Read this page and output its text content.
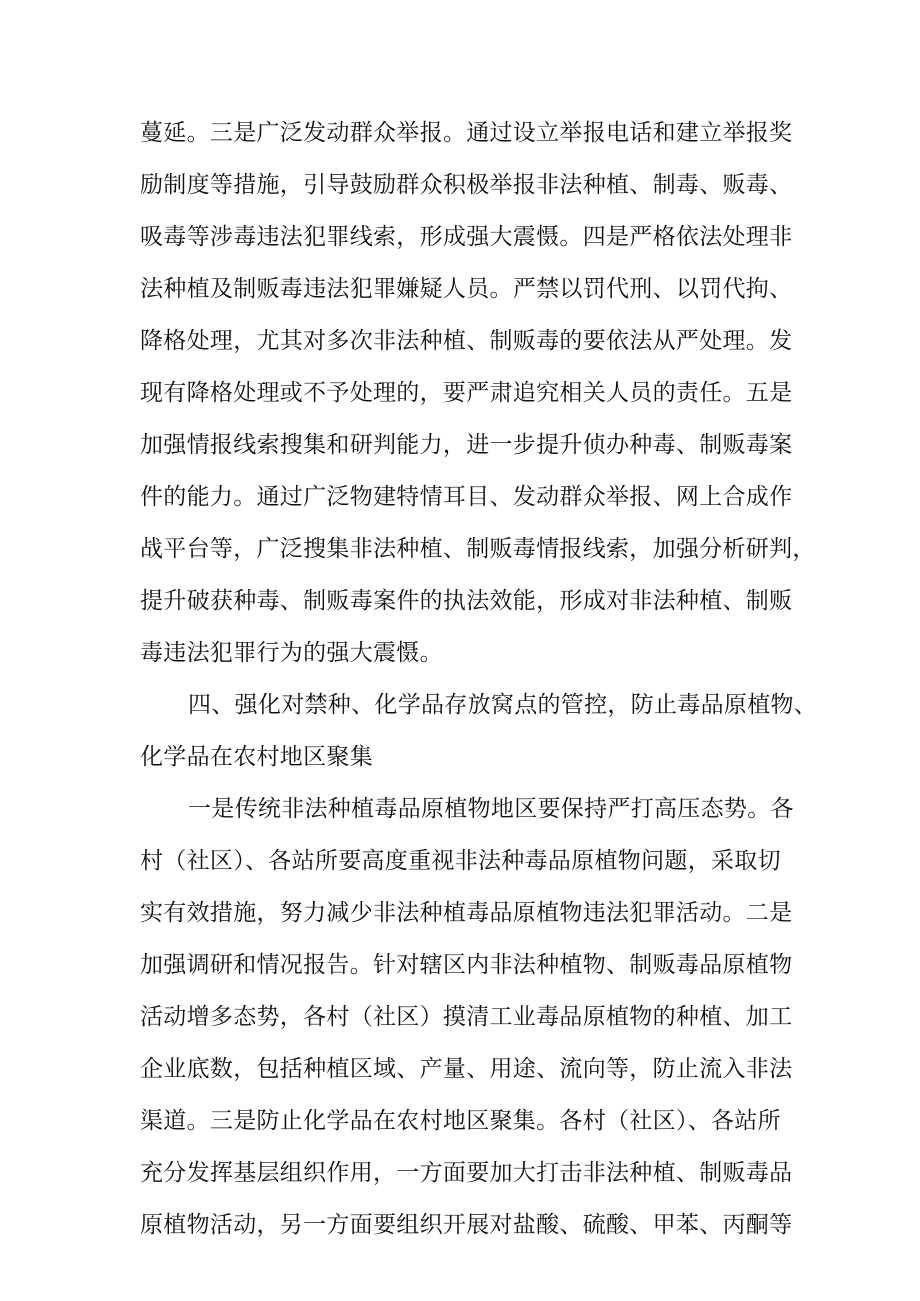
蔓延。三是广泛发动群众举报。通过设立举报电话和建立举报奖
励制度等措施，引导鼓励群众积极举报非法种植、制毒、贩毒、
吸毒等涉毒违法犯罪线索，形成强大震慑。四是严格依法处理非
法种植及制贩毒违法犯罪嫌疑人员。严禁以罚代刑、以罚代拘、
降格处理，尤其对多次非法种植、制贩毒的要依法从严处理。发
现有降格处理或不予处理的，要严肃追究相关人员的责任。五是
加强情报线索搜集和研判能力，进一步提升侦办种毒、制贩毒案
件的能力。通过广泛物建特情耳目、发动群众举报、网上合成作
战平台等，广泛搜集非法种植、制贩毒情报线索，加强分析研判，
提升破获种毒、制贩毒案件的执法效能，形成对非法种植、制贩
毒违法犯罪行为的强大震慑。
四、强化对禁种、化学品存放窝点的管控，防止毒品原植物、
化学品在农村地区聚集
一是传统非法种植毒品原植物地区要保持严打高压态势。各
村（社区）、各站所要高度重视非法种毒品原植物问题，采取切
实有效措施，努力减少非法种植毒品原植物违法犯罪活动。二是
加强调研和情况报告。针对辖区内非法种植物、制贩毒品原植物
活动增多态势，各村（社区）摸清工业毒品原植物的种植、加工
企业底数，包括种植区域、产量、用途、流向等，防止流入非法
渠道。三是防止化学品在农村地区聚集。各村（社区）、各站所
充分发挥基层组织作用，一方面要加大打击非法种植、制贩毒品
原植物活动，另一方面要组织开展对盐酸、硫酸、甲苯、丙酮等
